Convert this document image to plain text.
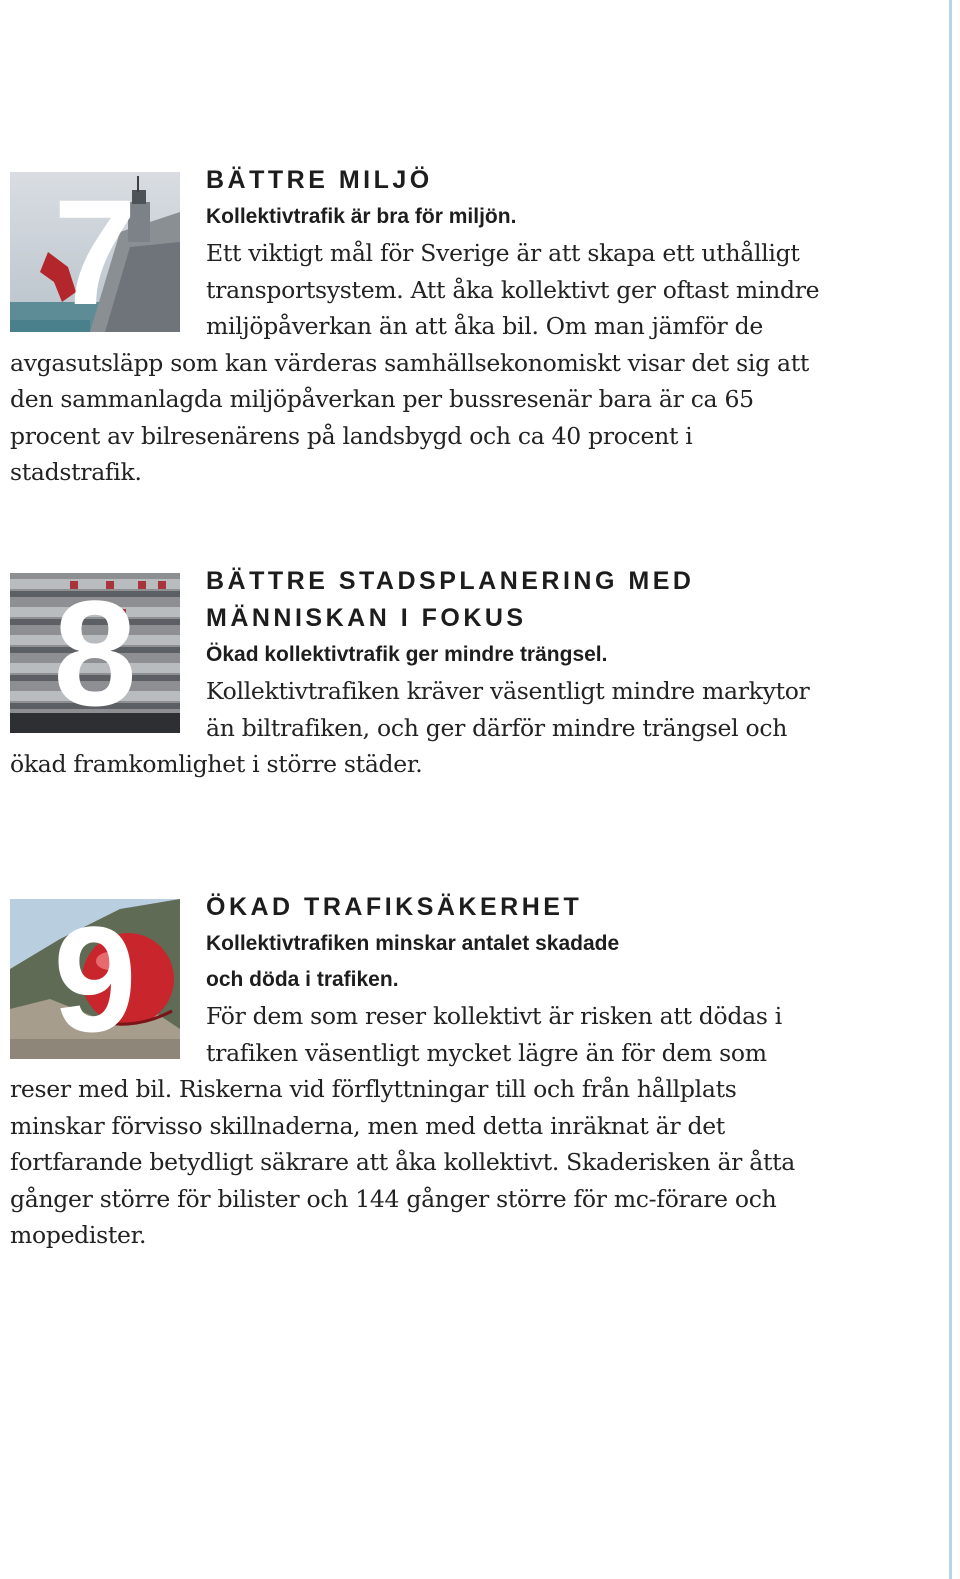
7	BÄTTRE MILJÖ
Kollektivtrafik är bra för miljön.
Ett viktigt mål för Sverige är att skapa ett uthålligt transportsystem. Att åka kollektivt ger oftast mindre miljöpåverkan än att åka bil. Om man jämför de avgasutsläpp som kan värderas samhällsekonomiskt visar det sig att den sammanlagda miljöpåverkan per bussresenär bara är ca 65 procent av bilresenärens på landsbygd och ca 40 procent i stadstrafik.
8	BÄTTRE STADSPLANERING MED
MÄNNISKAN I FOKUS
Ökad kollektivtrafik ger mindre trängsel.
Kollektivtrafiken kräver väsentligt mindre markytor än biltrafiken, och ger därför mindre trängsel och ökad framkomlighet i större städer.
9	ÖKAD TRAFIKSÄKERHET
Kollektivtrafiken minskar antalet skadade
och döda i trafiken.
För dem som reser kollektivt är risken att dödas i trafiken väsentligt mycket lägre än för dem som reser med bil. Riskerna vid förflyttningar till och från hållplats minskar förvisso skillnaderna, men med detta inräknat är det fortfarande betydligt säkrare att åka kollektivt. Skaderisken är åtta gånger större för bilister och 144 gånger större för mc-förare och mopedister.
